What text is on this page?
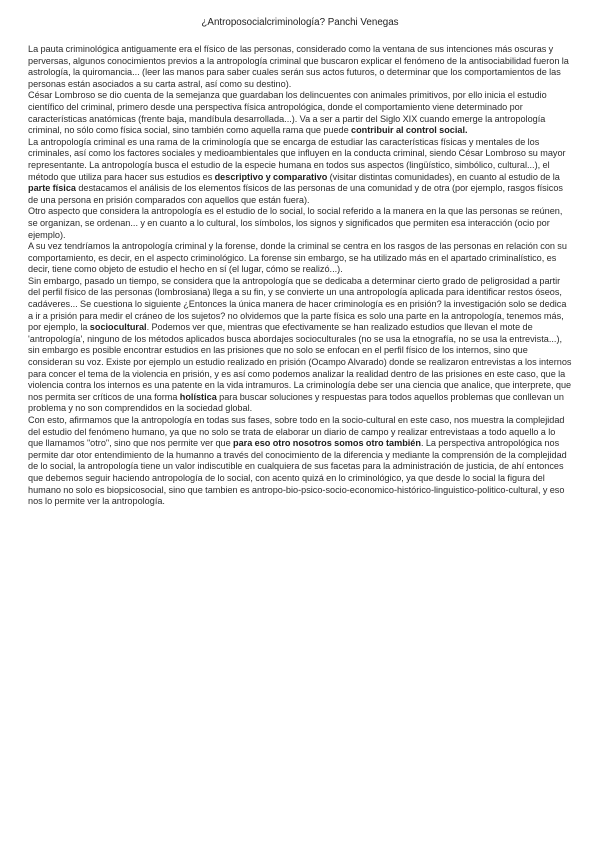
¿Antroposocialcriminología? Panchi Venegas

La pauta criminológica antiguamente era el físico de las personas, considerado como la ventana de sus intenciones más oscuras y perversas, algunos conocimientos previos a la antropología criminal que buscaron explicar el fenómeno de la antisociabilidad fueron la astrología, la quiromancia... (leer las manos para saber cuales serán sus actos futuros, o determinar que los comportamientos de las personas están asociados a su carta astral, así como su destino).

César Lombroso se dio cuenta de la semejanza que guardaban los delincuentes con animales primitivos, por ello inicia el estudio científico del criminal, primero desde una perspectiva física antropológica, donde el comportamiento viene determinado por características anatómicas (frente baja, mandíbula desarrollada...). Va a ser a partir del Siglo XIX cuando emerge la antropología criminal, no sólo como física social, sino también como aquella rama que puede contribuir al control social.

La antropología criminal es una rama de la criminología que se encarga de estudiar las características físicas y mentales de los criminales, así como los factores sociales y medioambientales que influyen en la conducta criminal, siendo César Lombroso su mayor representante. La antropología busca el estudio de la especie humana en todos sus aspectos (lingüístico, simbólico, cultural...), el método que utiliza para hacer sus estudios es descriptivo y comparativo (visitar distintas comunidades), en cuanto al estudio de la parte física destacamos el análisis de los elementos físicos de las personas de una comunidad y de otra (por ejemplo, rasgos físicos de una persona en prisión comparados con aquellos que están fuera).

Otro aspecto que considera la antropología es el estudio de lo social, lo social referido a la manera en la que las personas se reúnen, se organizan, se ordenan... y en cuanto a lo cultural, los símbolos, los signos y significados que permiten esa interacción (ocio por ejemplo).

A su vez tendríamos la antropología criminal y la forense, donde la criminal se centra en los rasgos de las personas en relación con su comportamiento, es decir, en el aspecto criminológico. La forense sin embargo, se ha utilizado más en el apartado criminalístico, es decir, tiene como objeto de estudio el hecho en sí (el lugar, cómo se realizó...).

Sin embargo, pasado un tiempo, se considera que la antropología que se dedicaba a determinar cierto grado de peligrosidad a partir del perfil físico de las personas (lombrosiana) llega a su fin, y se convierte un una antropología aplicada para identificar restos óseos, cadáveres... Se cuestiona lo siguiente ¿Entonces la única manera de hacer criminología es en prisión? la investigación solo se dedica a ir a prisión para medir el cráneo de los sujetos? no olvidemos que la parte física es solo una parte en la antropología, tenemos más, por ejemplo, la sociocultural. Podemos ver que, mientras que efectivamente se han realizado estudios que llevan el mote de 'antropología', ninguno de los métodos aplicados busca abordajes socioculturales (no se usa la etnografía, no se usa la entrevista...), sin embargo es posible encontrar estudios en las prisiones que no solo se enfocan en el perfil físico de los internos, sino que consideran su voz. Existe por ejemplo un estudio realizado en prisión (Ocampo Alvarado) donde se realizaron entrevistas a los internos para concer el tema de la violencia en prisión, y es así como podemos analizar la realidad dentro de las prisiones en este caso, que la violencia contra los internos es una patente en la vida intramuros. La criminología debe ser una ciencia que analice, que interprete, que nos permita ser críticos de una forma holística para buscar soluciones y respuestas para todos aquellos problemas que conllevan un problema y no son comprendidos en la sociedad global.

Con esto, afirmamos que la antropología en todas sus fases, sobre todo en la socio-cultural en este caso, nos muestra la complejidad del estudio del fenómeno humano, ya que no solo se trata de elaborar un diario de campo y realizar entrevistaas a todo aquello a lo que llamamos "otro", sino que nos permite ver que para eso otro nosotros somos otro también. La perspectiva antropológica nos permite dar otor entendimiento de la humanno a través del conocimiento de la diferencia y mediante la comprensión de la complejidad de lo social, la antropología tiene un valor indiscutible en cualquiera de sus facetas para la administración de justicia, de ahí entonces que debemos seguir haciendo antropología de lo social, con acento quizá en lo criminológico, ya que desde lo social la figura del humano no solo es biopsicosocial, sino que tambien es antropo-bio-psico-socio-economico-histórico-linguistico-politico-cultural, y eso nos lo permite ver la antropología.
